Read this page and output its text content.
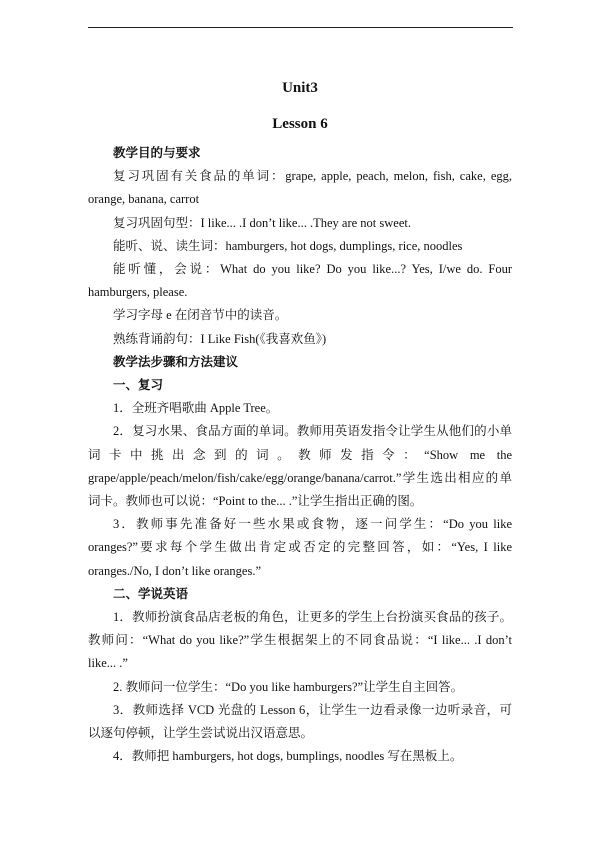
Unit3

Lesson 6

教学目的与要求

复习巩固有关食品的单词：grape, apple, peach, melon, fish, cake, egg, orange, banana, carrot

复习巩固句型：I like... .I don’t like... .They are not sweet.

能听、说、读生词：hamburgers, hot dogs, dumplings, rice, noodles

能听懂，会说：What do you like? Do you like...? Yes, I/we do. Four hamburgers, please.

学习字母 e 在闭音节中的读音。

熟练背诵韵句：I Like Fish(《我喜欢鱼》)

教学法步骤和方法建议

一、复习

1．全班齐唱歌曲 Apple Tree。

2．复习水果、食品方面的单词。教师用英语发指令让学生从他们的小单词卡中挑出念到的词。教师发指令：“Show me the grape/apple/peach/melon/fish/cake/egg/orange/banana/carrot.”学生选出相应的单词卡。教师也可以说：“Point to the... .”让学生指出正确的图。

3．教师事先准备好一些水果或食物，逐一问学生：“Do you like oranges?”要求每个学生做出肯定或否定的完整回答，如：“Yes, I like oranges./No, I don’t like oranges.”

二、学说英语

1．教师扮演食品店老板的角色，让更多的学生上台扮演买食品的孩子。教师问：“What do you like?”学生根据架上的不同食品说：“I like... .I don’t like... .”

2. 教师问一位学生：“Do you like hamburgers?”让学生自主回答。

3．教师选择 VCD 光盘的 Lesson 6，让学生一边看录像一边听录音，可以逐句停顿，让学生尝试说出汉语意思。

4．教师把 hamburgers, hot dogs, bumplings, noodles 写在黑板上。
